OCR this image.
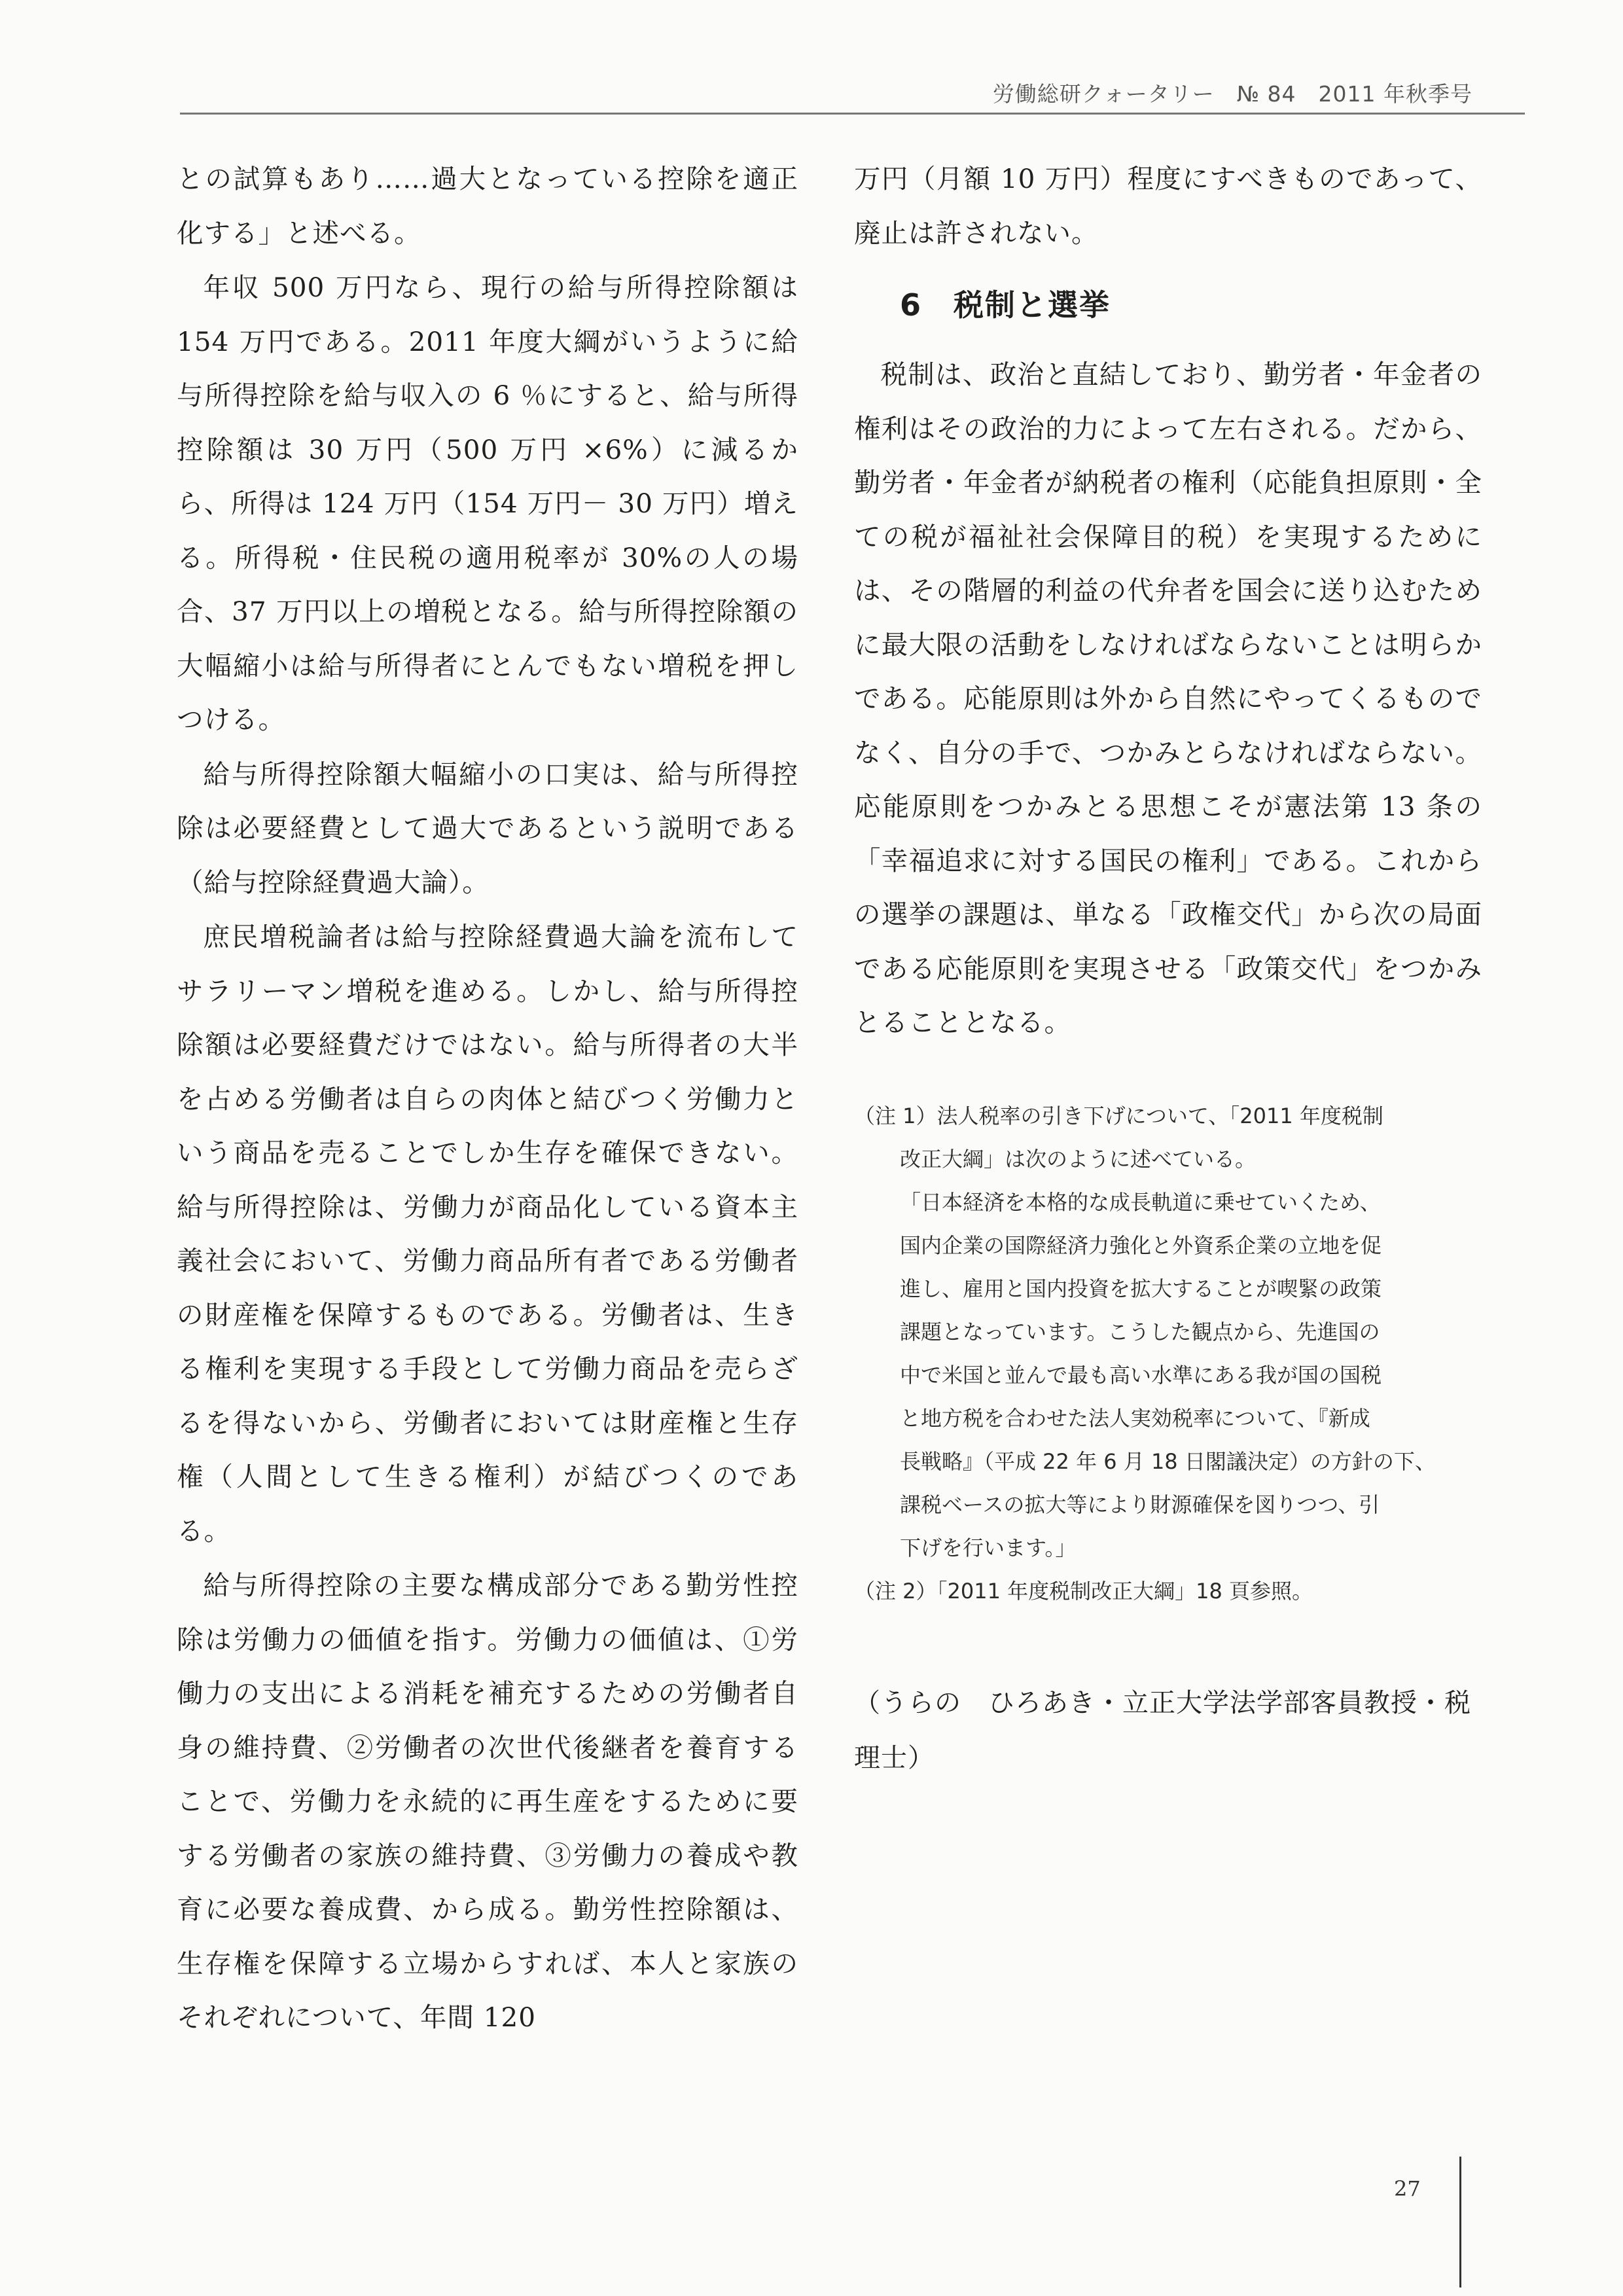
労働総研クォータリー　№ 84　2011 年秋季号

との試算もあり……過大となっている控除を適正化する」と述べる。

年収 500 万円なら、現行の給与所得控除額は 154 万円である。2011 年度大綱がいうように給与所得控除を給与収入の 6 ％にすると、給与所得控除額は 30 万円（500 万円 ×6%）に減るから、所得は 124 万円（154 万円－ 30 万円）増える。所得税・住民税の適用税率が 30%の人の場合、37 万円以上の増税となる。給与所得控除額の大幅縮小は給与所得者にとんでもない増税を押しつける。

給与所得控除額大幅縮小の口実は、給与所得控除は必要経費として過大であるという説明である（給与控除経費過大論）。

庶民増税論者は給与控除経費過大論を流布してサラリーマン増税を進める。しかし、給与所得控除額は必要経費だけではない。給与所得者の大半を占める労働者は自らの肉体と結びつく労働力という商品を売ることでしか生存を確保できない。給与所得控除は、労働力が商品化している資本主義社会において、労働力商品所有者である労働者の財産権を保障するものである。労働者は、生きる権利を実現する手段として労働力商品を売らざるを得ないから、労働者においては財産権と生存権（人間として生きる権利）が結びつくのである。

給与所得控除の主要な構成部分である勤労性控除は労働力の価値を指す。労働力の価値は、①労働力の支出による消耗を補充するための労働者自身の維持費、②労働者の次世代後継者を養育することで、労働力を永続的に再生産をするために要する労働者の家族の維持費、③労働力の養成や教育に必要な養成費、から成る。勤労性控除額は、生存権を保障する立場からすれば、本人と家族のそれぞれについて、年間 120

万円（月額 10 万円）程度にすべきものであって、廃止は許されない。

6　税制と選挙

税制は、政治と直結しており、勤労者・年金者の権利はその政治的力によって左右される。だから、勤労者・年金者が納税者の権利（応能負担原則・全ての税が福祉社会保障目的税）を実現するためには、その階層的利益の代弁者を国会に送り込むために最大限の活動をしなければならないことは明らかである。応能原則は外から自然にやってくるものでなく、自分の手で、つかみとらなければならない。応能原則をつかみとる思想こそが憲法第 13 条の「幸福追求に対する国民の権利」である。これからの選挙の課題は、単なる「政権交代」から次の局面である応能原則を実現させる「政策交代」をつかみとることとなる。

（注 1）法人税率の引き下げについて、「2011 年度税制
改正大綱」は次のように述べている。
「日本経済を本格的な成長軌道に乗せていくため、
国内企業の国際経済力強化と外資系企業の立地を促
進し、雇用と国内投資を拡大することが喫緊の政策
課題となっています。こうした観点から、先進国の
中で米国と並んで最も高い水準にある我が国の国税
と地方税を合わせた法人実効税率について、『新成
長戦略』（平成 22 年 6 月 18 日閣議決定）の方針の下、
課税ベースの拡大等により財源確保を図りつつ、引
下げを行います。」
（注 2）「2011 年度税制改正大綱」18 頁参照。
（うらの　ひろあき・立正大学法学部客員教授・税理士）
27
